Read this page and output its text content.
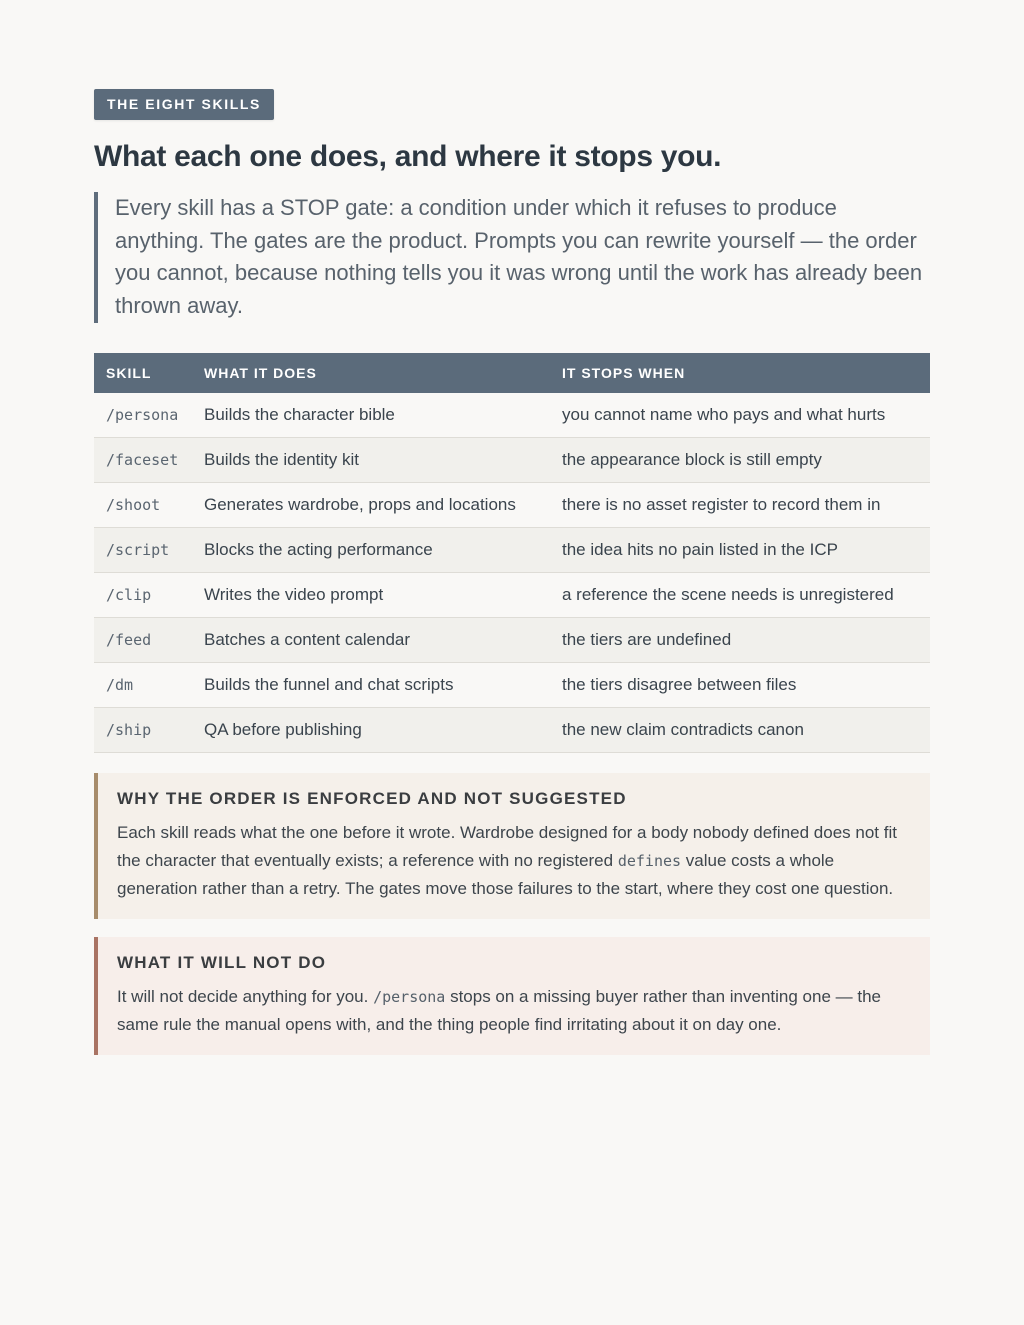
THE EIGHT SKILLS
What each one does, and where it stops you.
Every skill has a STOP gate: a condition under which it refuses to produce anything. The gates are the product. Prompts you can rewrite yourself — the order you cannot, because nothing tells you it was wrong until the work has already been thrown away.
SKILL	WHAT IT DOES	IT STOPS WHEN
/persona	Builds the character bible	you cannot name who pays and what hurts
/faceset	Builds the identity kit	the appearance block is still empty
/shoot	Generates wardrobe, props and locations	there is no asset register to record them in
/script	Blocks the acting performance	the idea hits no pain listed in the ICP
/clip	Writes the video prompt	a reference the scene needs is unregistered
/feed	Batches a content calendar	the tiers are undefined
/dm	Builds the funnel and chat scripts	the tiers disagree between files
/ship	QA before publishing	the new claim contradicts canon
WHY THE ORDER IS ENFORCED AND NOT SUGGESTED

Each skill reads what the one before it wrote. Wardrobe designed for a body nobody defined does not fit the character that eventually exists; a reference with no registered defines value costs a whole generation rather than a retry. The gates move those failures to the start, where they cost one question.

WHAT IT WILL NOT DO

It will not decide anything for you. /persona stops on a missing buyer rather than inventing one — the same rule the manual opens with, and the thing people find irritating about it on day one.
